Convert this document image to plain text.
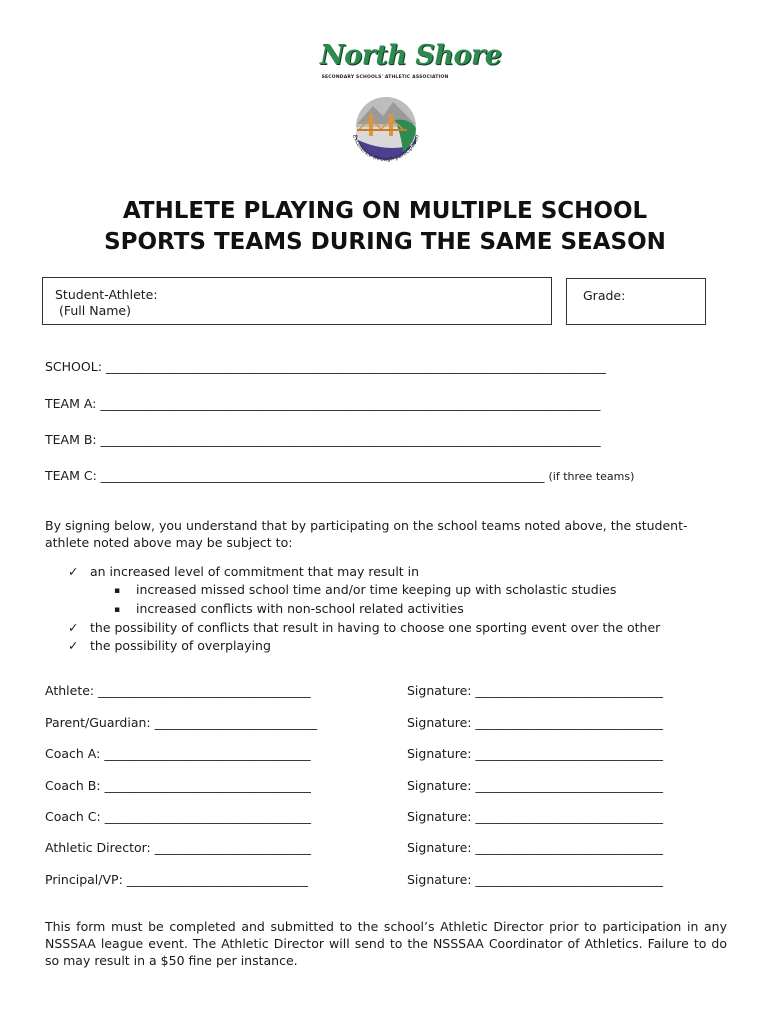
North Shore
SECONDARY SCHOOLS' ATHLETIC ASSOCIATION
Excellence through participation
ATHLETE PLAYING ON MULTIPLE SCHOOL
SPORTS TEAMS DURING THE SAME SEASON
Student-Athlete:
(Full Name)
Grade:
SCHOOL: ________________________________________________________________________________
TEAM A: ________________________________________________________________________________
TEAM B: ________________________________________________________________________________
TEAM C: _______________________________________________________________________ (if three teams)
By signing below, you understand that by participating on the school teams noted above, the student-
athlete noted above may be subject to:
✓ an increased level of commitment that may result in
▪ increased missed school time and/or time keeping up with scholastic studies
▪ increased conflicts with non-school related activities
✓ the possibility of conflicts that result in having to choose one sporting event over the other
✓ the possibility of overplaying
Athlete: __________________________________	Signature: ______________________________
Parent/Guardian: __________________________	Signature: ______________________________
Coach A: _________________________________	Signature: ______________________________
Coach B: _________________________________	Signature: ______________________________
Coach C: _________________________________	Signature: ______________________________
Athletic Director: _________________________	Signature: ______________________________
Principal/VP: _____________________________	Signature: ______________________________
This form must be completed and submitted to the school’s Athletic Director prior to participation in any NSSSAA league event. The Athletic Director will send to the NSSSAA Coordinator of Athletics. Failure to do so may result in a $50 fine per instance.
